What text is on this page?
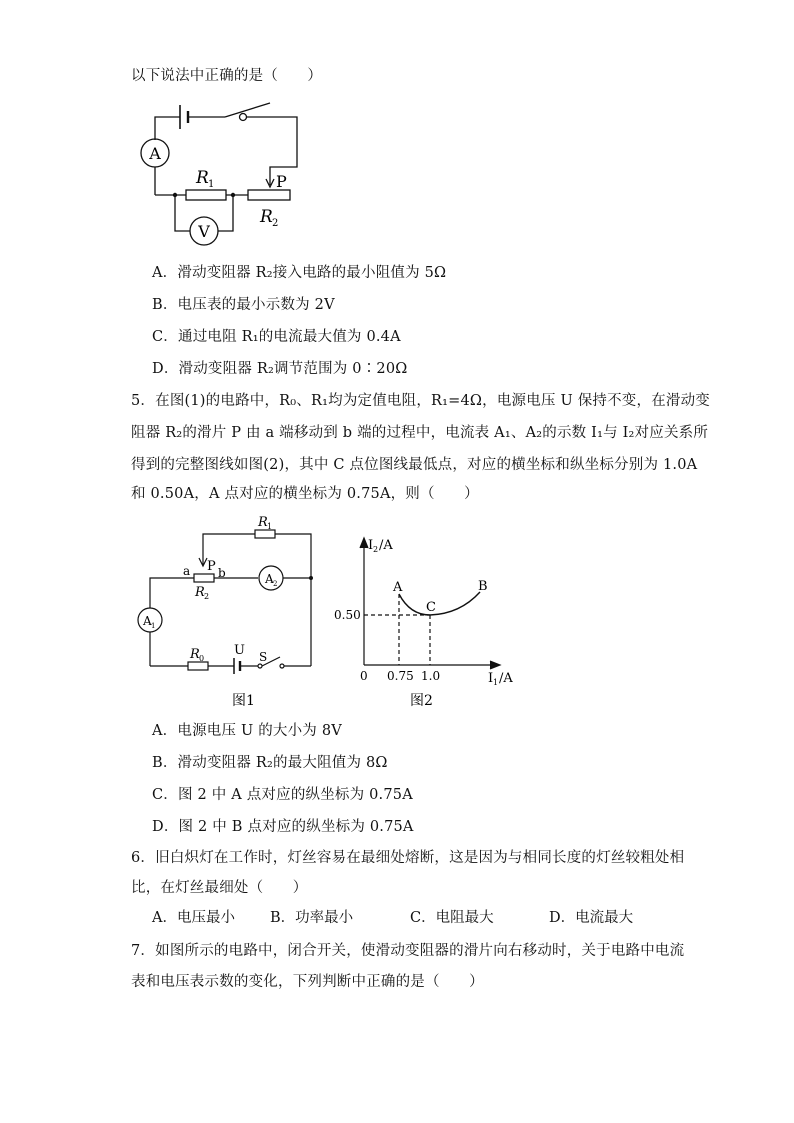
以下说法中正确的是（　　）
A
V
R 1
R 2
P
A．滑动变阻器 R₂接入电路的最小阻值为 5Ω
B．电压表的最小示数为 2V
C．通过电阻 R₁的电流最大值为 0.4A
D．滑动变阻器 R₂调节范围为 0∶20Ω
5．在图(1)的电路中，R₀、R₁均为定值电阻，R₁=4Ω，电源电压 U 保持不变，在滑动变
阻器 R₂的滑片 P 由 a 端移动到 b 端的过程中，电流表 A₁、A₂的示数 I₁与 I₂对应关系所
得到的完整图线如图(2)，其中 C 点位图线最低点，对应的横坐标和纵坐标分别为 1.0A
和 0.50A，A 点对应的横坐标为 0.75A，则（　　）
R 1
a P b
R 2
A 2
A 1
R 0
U S
图1
I 2 /A
I 1 /A
0 0.75 1.0
0.50
A
C
B
图2
A．电源电压 U 的大小为 8V
B．滑动变阻器 R₂的最大阻值为 8Ω
C．图 2 中 A 点对应的纵坐标为 0.75A
D．图 2 中 B 点对应的纵坐标为 0.75A
6．旧白炽灯在工作时，灯丝容易在最细处熔断，这是因为与相同长度的灯丝较粗处相
比，在灯丝最细处（　　）
A．电压最小 B．功率最小	C．电阻最大	D．电流最大
7．如图所示的电路中，闭合开关，使滑动变阻器的滑片向右移动时，关于电路中电流
表和电压表示数的变化，下列判断中正确的是（　　）
